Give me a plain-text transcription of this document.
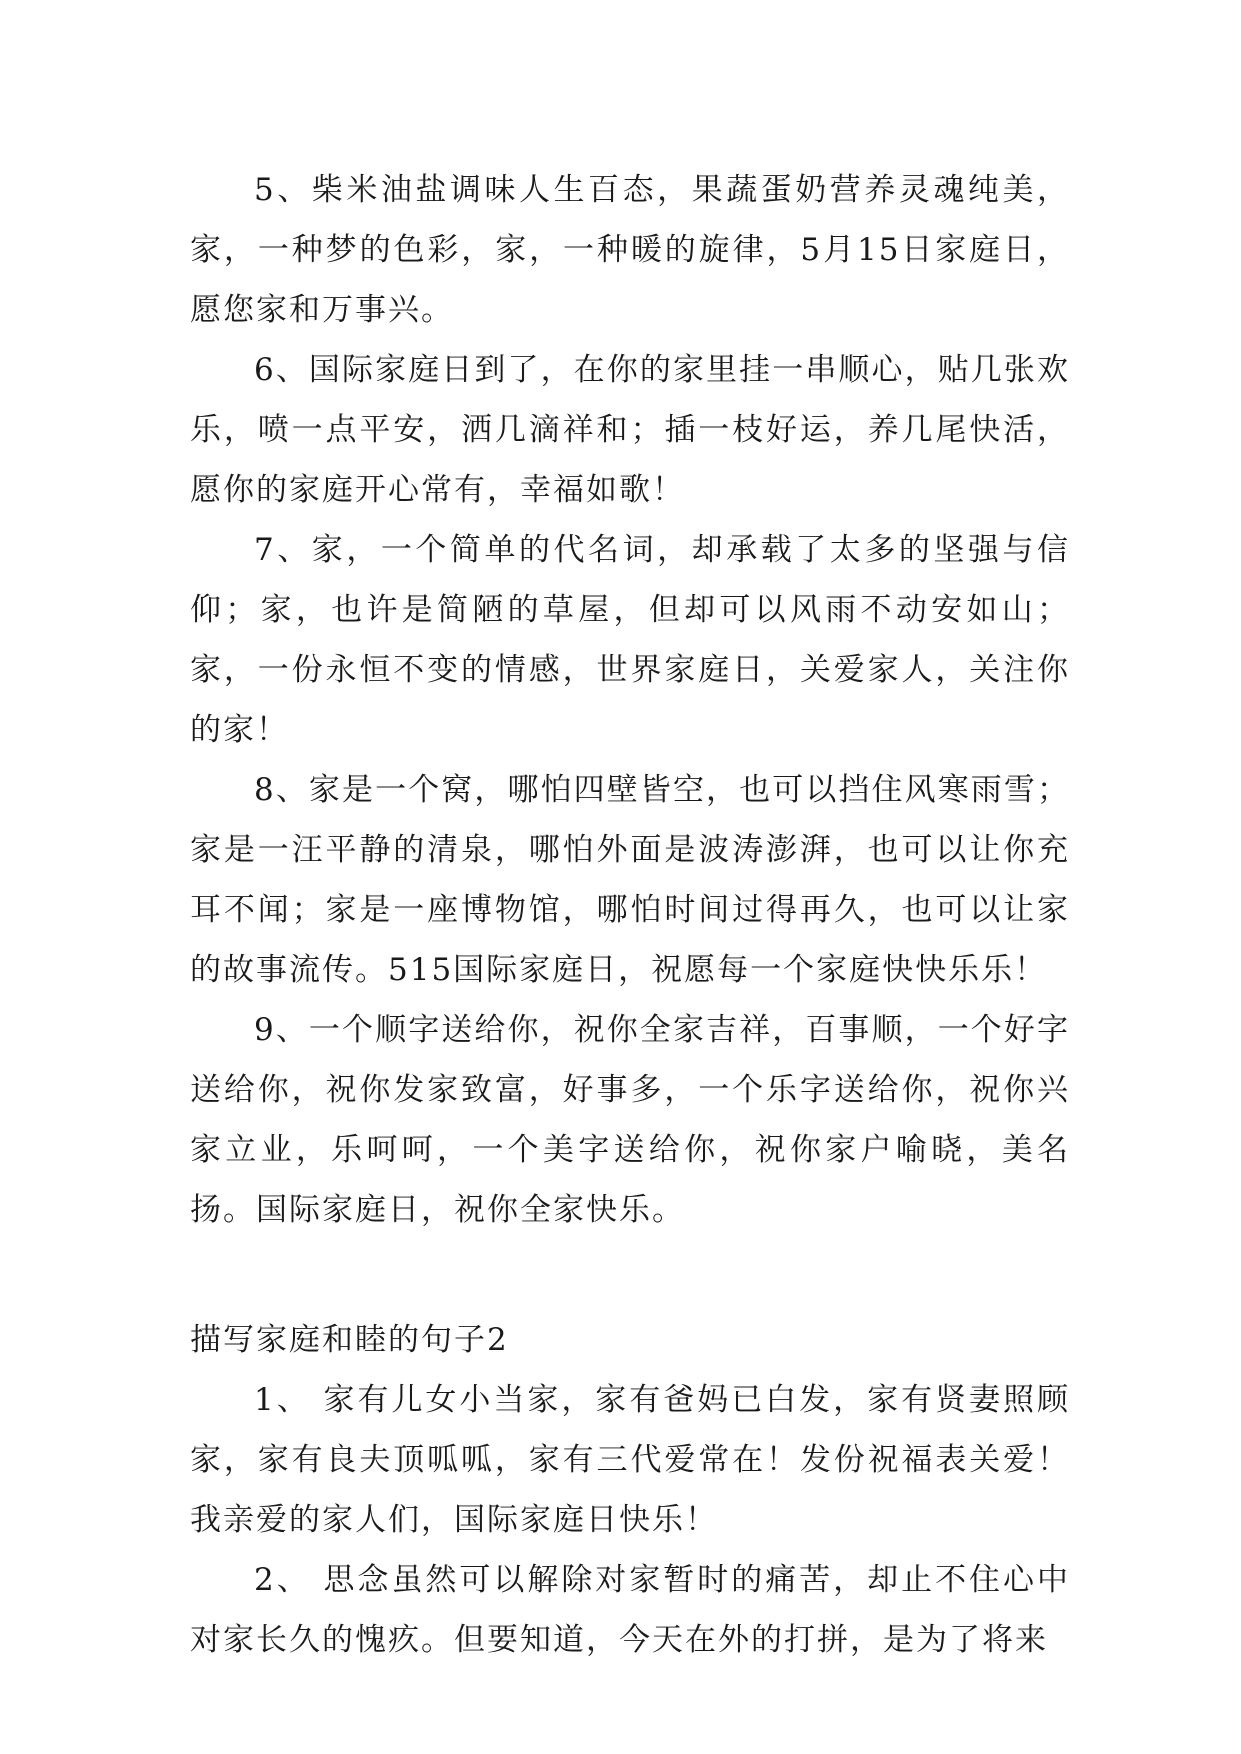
5、柴米油盐调味人生百态，果蔬蛋奶营养灵魂纯美，家，一种梦的色彩，家，一种暖的旋律，5月15日家庭日，愿您家和万事兴。

6、国际家庭日到了，在你的家里挂一串顺心，贴几张欢乐，喷一点平安，洒几滴祥和；插一枝好运，养几尾快活，愿你的家庭开心常有，幸福如歌！

7、家，一个简单的代名词，却承载了太多的坚强与信仰；家，也许是简陋的草屋，但却可以风雨不动安如山；家，一份永恒不变的情感，世界家庭日，关爱家人，关注你的家！

8、家是一个窝，哪怕四壁皆空，也可以挡住风寒雨雪；家是一汪平静的清泉，哪怕外面是波涛澎湃，也可以让你充耳不闻；家是一座博物馆，哪怕时间过得再久，也可以让家的故事流传。515国际家庭日，祝愿每一个家庭快快乐乐！

9、一个顺字送给你，祝你全家吉祥，百事顺，一个好字送给你，祝你发家致富，好事多，一个乐字送给你，祝你兴家立业，乐呵呵，一个美字送给你，祝你家户喻晓，美名扬。国际家庭日，祝你全家快乐。

描写家庭和睦的句子2

1、 家有儿女小当家，家有爸妈已白发，家有贤妻照顾家，家有良夫顶呱呱，家有三代爱常在！发份祝福表关爱！我亲爱的家人们，国际家庭日快乐！

2、 思念虽然可以解除对家暂时的痛苦，却止不住心中对家长久的愧疚。但要知道，今天在外的打拼，是为了将来
